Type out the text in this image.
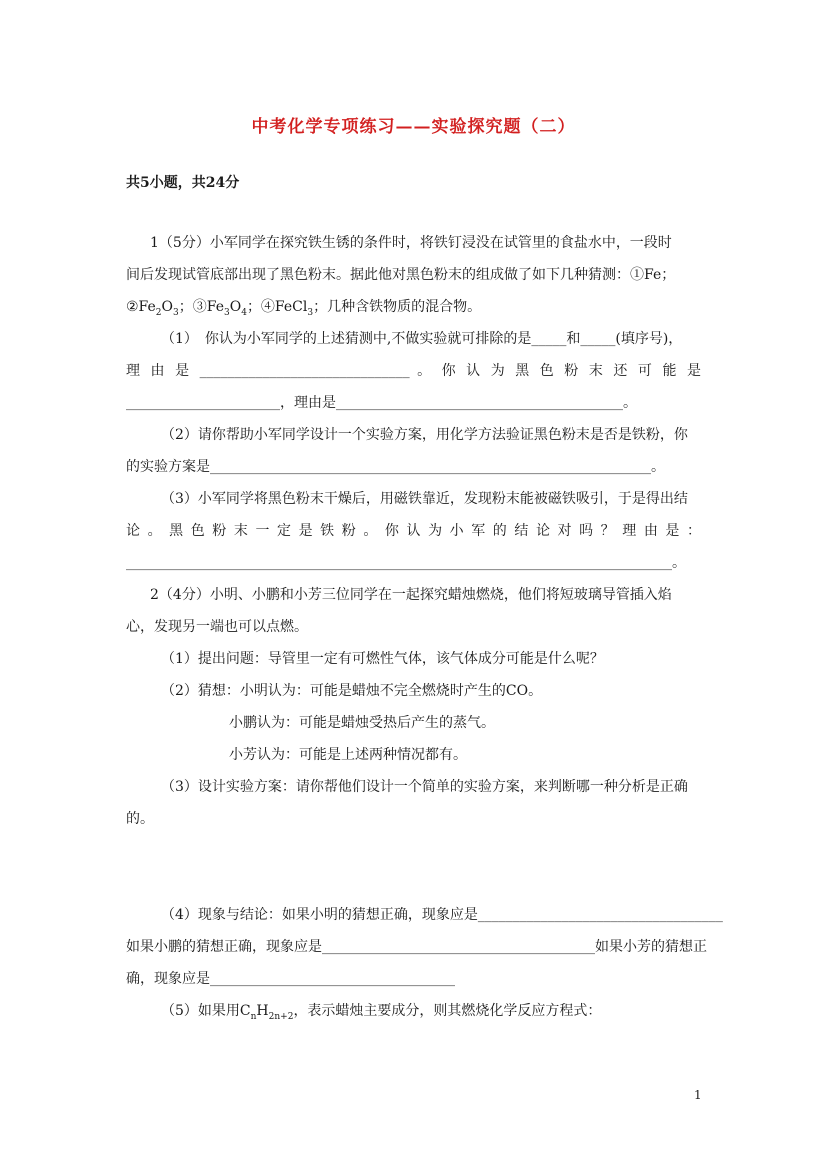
中考化学专项练习——实验探究题（二）
共5小题，共24分
1（5分）小军同学在探究铁生锈的条件时，将铁钉浸没在试管里的食盐水中，一段时
间后发现试管底部出现了黑色粉末。据此他对黑色粉末的组成做了如下几种猜测：①Fe；
$②Fe_2O_3$；$③Fe_3O_4$；④FeCl$_3$；几种含铁物质的混合物。
（1）　你认为小军同学的上述猜测中,不做实验就可排除的是_____和_____(填序号)，
理 由 是 ______________________________ 。 你 认 为 黑 色 粉 末 还 可 能 是
______________________，理由是_________________________________________。
（2）请你帮助小军同学设计一个实验方案，用化学方法验证黑色粉末是否是铁粉，你
的实验方案是_______________________________________________________________。
（3）小军同学将黑色粉末干燥后，用磁铁靠近，发现粉末能被磁铁吸引，于是得出结
论 。 黑 色 粉 末 一 定 是 铁 粉 。 你 认 为 小 军 的 结 论 对 吗 ？ 理 由 是 ：
______________________________________________________________________________。
2（4分）小明、小鹏和小芳三位同学在一起探究蜡烛燃烧，他们将短玻璃导管插入焰
心，发现另一端也可以点燃。
（1）提出问题：导管里一定有可燃性气体，该气体成分可能是什么呢？
（2）猜想：小明认为：可能是蜡烛不完全燃烧时产生的CO。
小鹏认为：可能是蜡烛受热后产生的蒸气。
小芳认为：可能是上述两种情况都有。
（3）设计实验方案：请你帮他们设计一个简单的实验方案，来判断哪一种分析是正确
的。
（4）现象与结论：如果小明的猜想正确，现象应是___________________________________
如果小鹏的猜想正确，现象应是_______________________________________如果小芳的猜想正
确，现象应是___________________________________
（5）如果用$C_nH_{2n+2}$，表示蜡烛主要成分，则其燃烧化学反应方程式：
1
